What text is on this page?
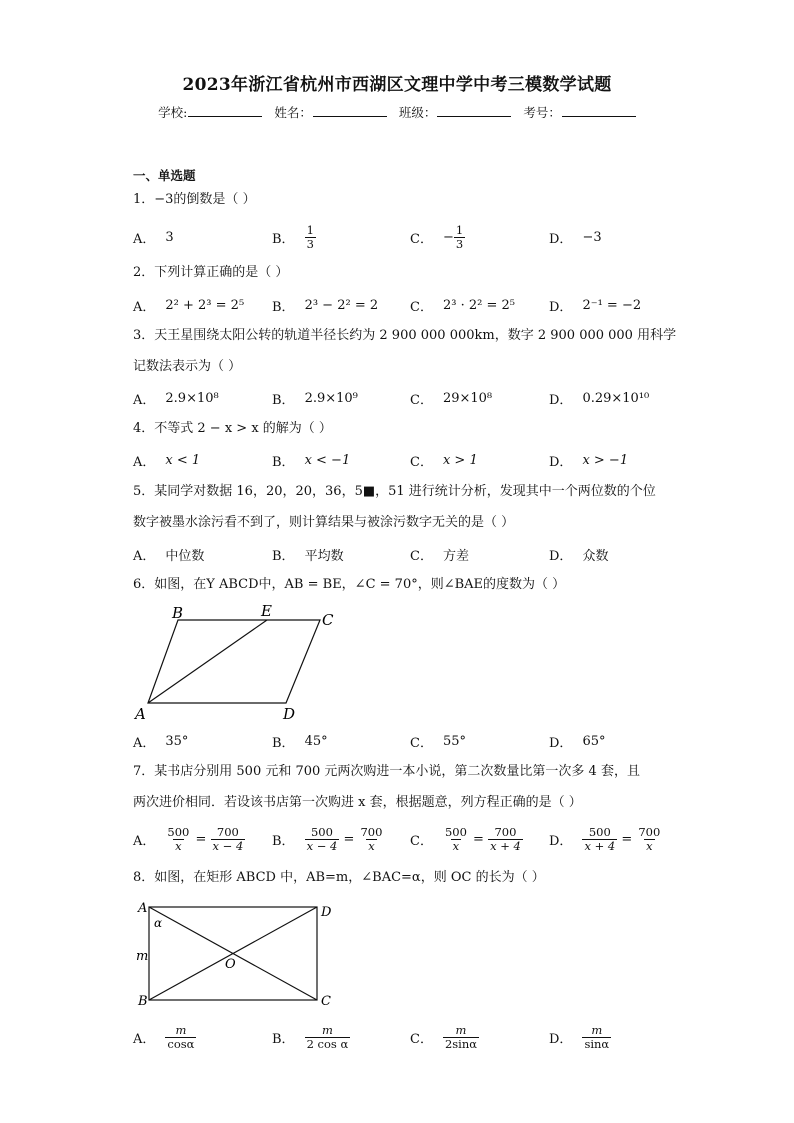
2023年浙江省杭州市西湖区文理中学中考三模数学试题
学校:	姓名：	班级：	考号：
一、单选题
1．−3的倒数是（ ）
A． 3	B． $\frac{1}{3}$	C． − $\frac{1}{3}$	D． −3
2．下列计算正确的是（ ）
A． 2² + 2³ = 2⁵ B． 2³ − 2² = 2 C． 2³ · 2² = 2⁵	D． 2⁻¹ = −2
3．天王星围绕太阳公转的轨道半径长约为 2 900 000 000km，数字 2 900 000 000 用科学
记数法表示为（ ）
A． 2.9×10⁸	B． 2.9×10⁹	C． 29×10⁸	D． 0.29×10¹⁰
4．不等式 2 − x > x 的解为（ ）
A． x < 1	B． x < −1	C． x > 1	D． x > −1
5．某同学对数据 16，20，20，36，5■，51 进行统计分析，发现其中一个两位数的个位
数字被墨水涂污看不到了，则计算结果与被涂污数字无关的是（ ）
A． 中位数	B． 平均数	C． 方差	D． 众数
6．如图，在Y ABCD中，AB = BE，∠C = 70°，则∠BAE的度数为（ ）
B	E	C
A	D
A． 35°	B． 45°	C． 55°	D． 65°
7．某书店分别用 500 元和 700 元两次购进一本小说，第二次数量比第一次多 4 套，且
两次进价相同．若设该书店第一次购进 x 套，根据题意，列方程正确的是（ ）
A． $\frac{500}{x} = \frac{700}{x - 4}$ B． $\frac{500}{x - 4} = \frac{700}{x}$ C． $\frac{500}{x} = \frac{700}{x + 4}$ D． $\frac{500}{x + 4} = \frac{700}{x}$
8．如图，在矩形 ABCD 中，AB=m，∠BAC=α，则 OC 的长为（ ）
A	D
α
m
O
B	C
A． $\frac{m}{\cos\alpha}$	B． $\frac{m}{\text{2 cos α}}$	C． $\frac{m}{2\sin\alpha}$	D． $\frac{m}{\sin\alpha}$
